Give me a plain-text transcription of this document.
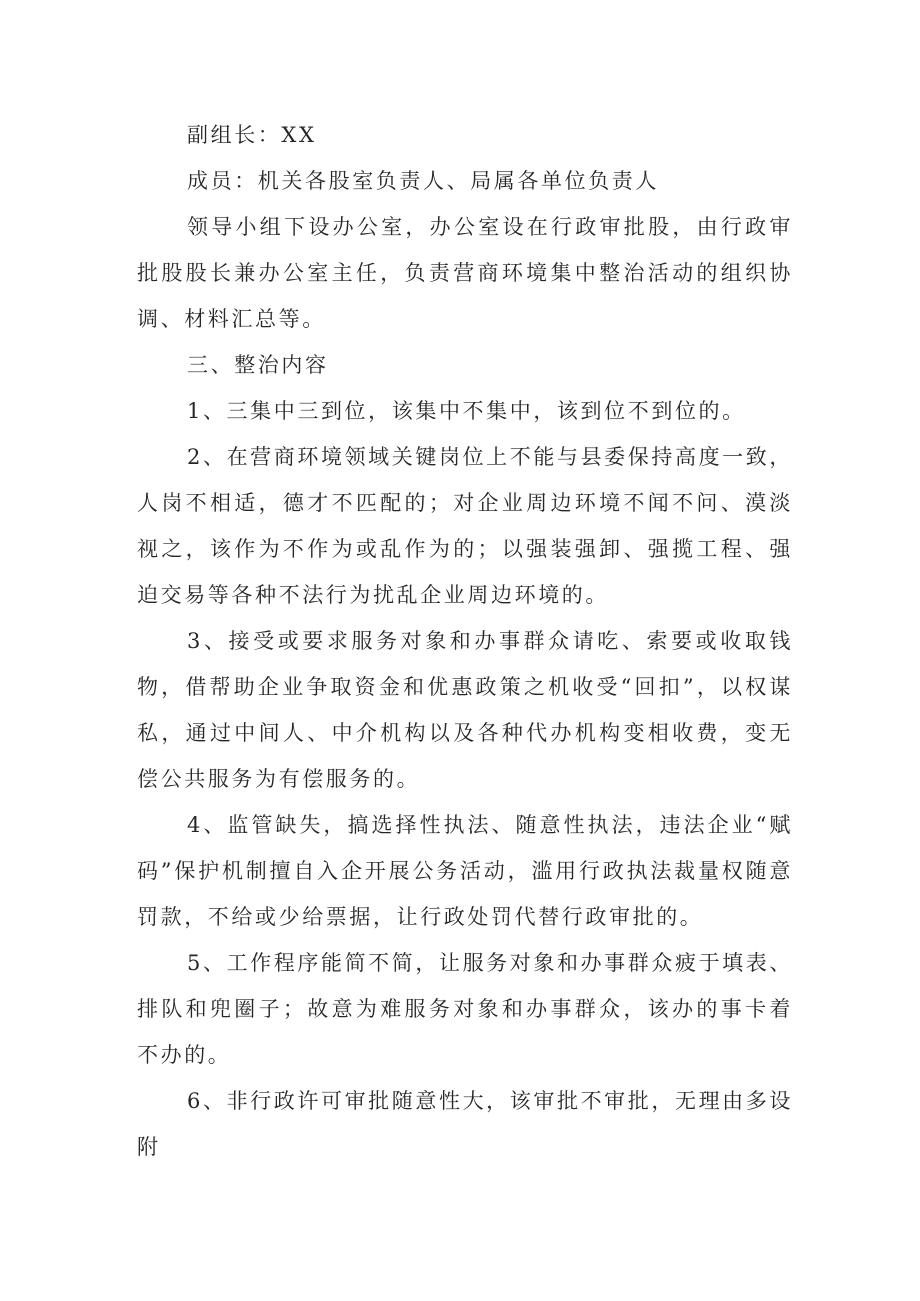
副组长：XX

成员：机关各股室负责人、局属各单位负责人

领导小组下设办公室，办公室设在行政审批股，由行政审批股股长兼办公室主任，负责营商环境集中整治活动的组织协调、材料汇总等。

三、整治内容

1、三集中三到位，该集中不集中，该到位不到位的。

2、在营商环境领域关键岗位上不能与县委保持高度一致，人岗不相适，德才不匹配的；对企业周边环境不闻不问、漠淡视之，该作为不作为或乱作为的；以强装强卸、强揽工程、强迫交易等各种不法行为扰乱企业周边环境的。

3、接受或要求服务对象和办事群众请吃、索要或收取钱物，借帮助企业争取资金和优惠政策之机收受“回扣”，以权谋私，通过中间人、中介机构以及各种代办机构变相收费，变无偿公共服务为有偿服务的。

4、监管缺失，搞选择性执法、随意性执法，违法企业“赋码”保护机制擅自入企开展公务活动，滥用行政执法裁量权随意罚款，不给或少给票据，让行政处罚代替行政审批的。

5、工作程序能简不简，让服务对象和办事群众疲于填表、排队和兜圈子；故意为难服务对象和办事群众，该办的事卡着不办的。

6、非行政许可审批随意性大，该审批不审批，无理由多设附
